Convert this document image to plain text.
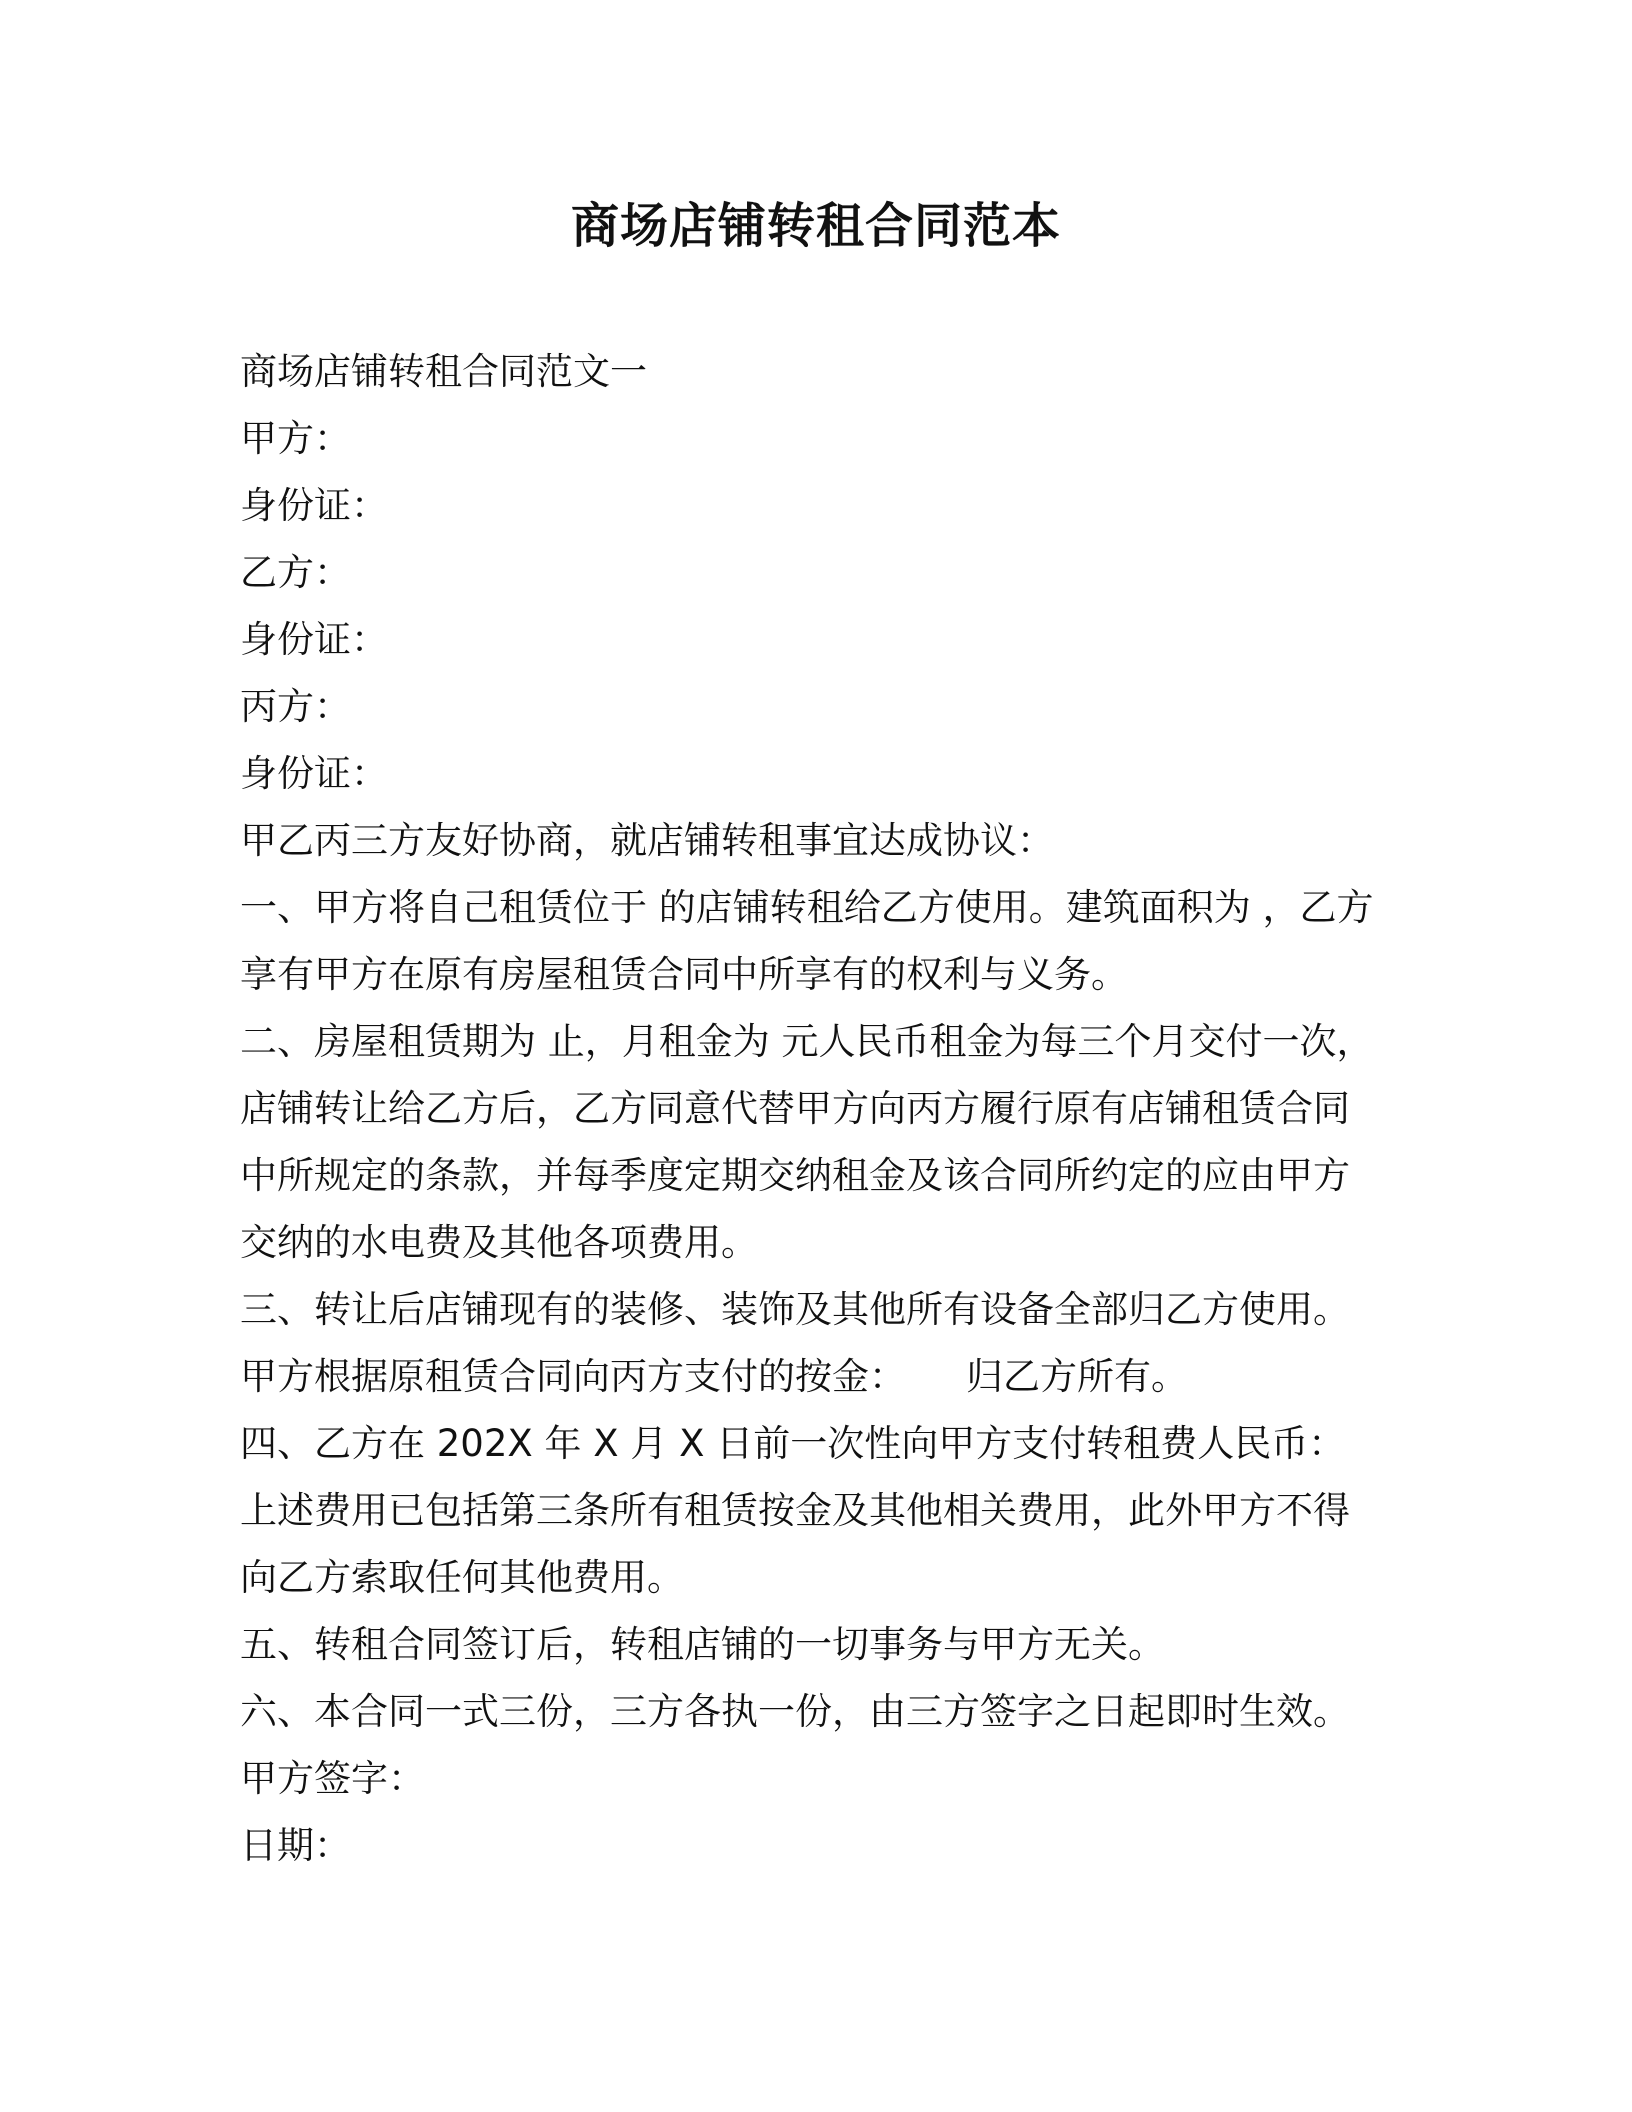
商场店铺转租合同范本

商场店铺转租合同范文一

甲方：

身份证：

乙方：

身份证：

丙方：

身份证：

甲乙丙三方友好协商，就店铺转租事宜达成协议：

一、甲方将自己租赁位于 的店铺转租给乙方使用。建筑面积为 ，乙方

享有甲方在原有房屋租赁合同中所享有的权利与义务。

二、房屋租赁期为 止，月租金为 元人民币租金为每三个月交付一次，

店铺转让给乙方后，乙方同意代替甲方向丙方履行原有店铺租赁合同

中所规定的条款，并每季度定期交纳租金及该合同所约定的应由甲方

交纳的水电费及其他各项费用。

三、转让后店铺现有的装修、装饰及其他所有设备全部归乙方使用。

甲方根据原租赁合同向丙方支付的按金： 归乙方所有。

四、乙方在 202X 年 X 月 X 日前一次性向甲方支付转租费人民币：

上述费用已包括第三条所有租赁按金及其他相关费用，此外甲方不得

向乙方索取任何其他费用。

五、转租合同签订后，转租店铺的一切事务与甲方无关。

六、本合同一式三份，三方各执一份，由三方签字之日起即时生效。

甲方签字：

日期：
